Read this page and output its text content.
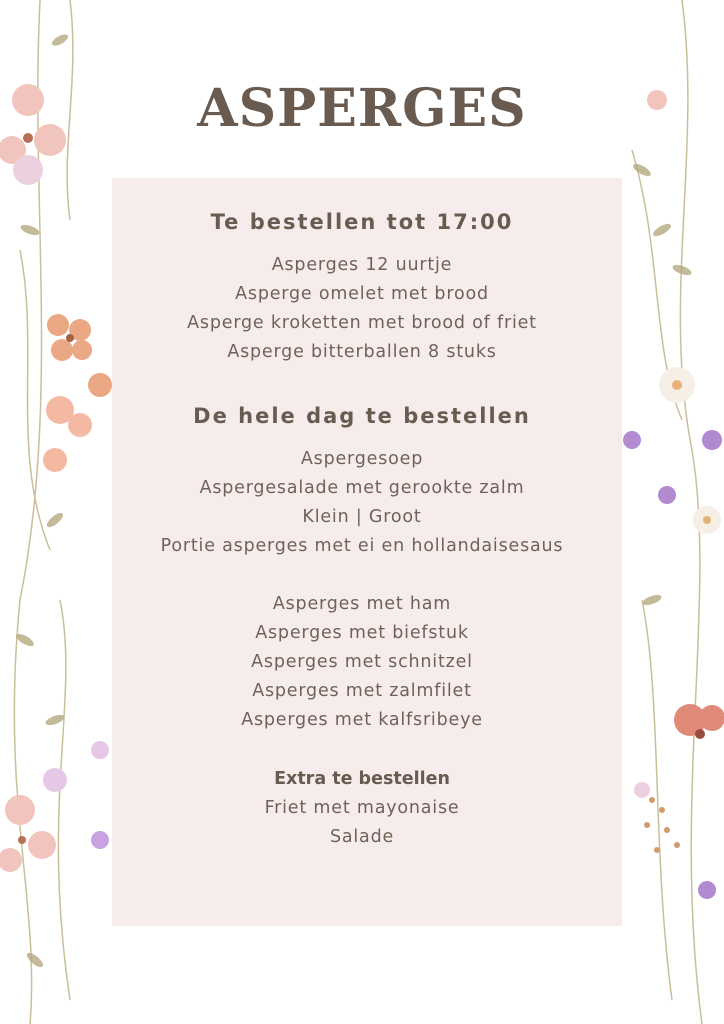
ASPERGES
Te bestellen tot 17:00
Asperges 12 uurtje
Asperge omelet met brood
Asperge kroketten met brood of friet
Asperge bitterballen 8 stuks
De hele dag te bestellen
Aspergesoep
Aspergesalade met gerookte zalm
Klein | Groot
Portie asperges met ei en hollandaisesaus
Asperges met ham
Asperges met biefstuk
Asperges met schnitzel
Asperges met zalmfilet
Asperges met kalfsribeye
Extra te bestellen
Friet met mayonaise
Salade
